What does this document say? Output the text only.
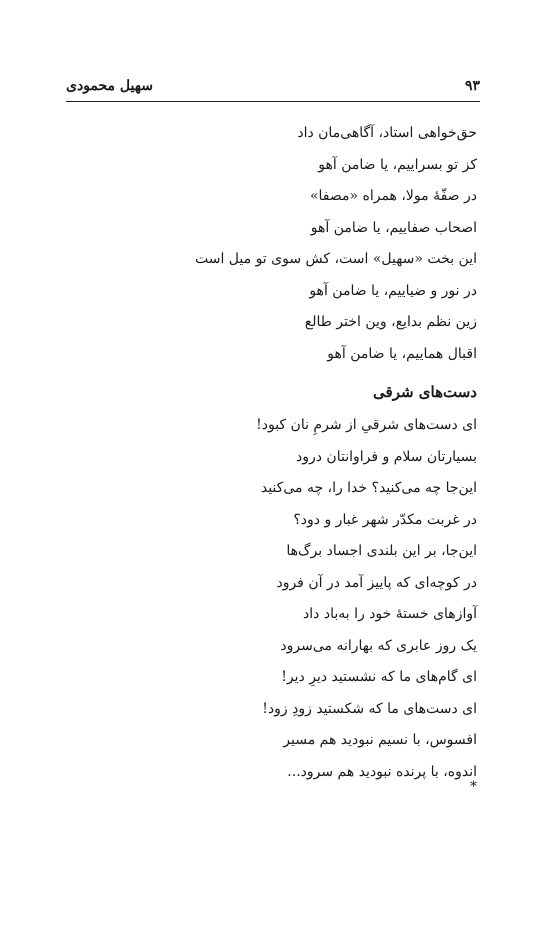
۹۳
سهیل محمودی
حق‌خواهی استاد، آگاهی‌مان داد
کز تو بسراییم، یا ضامن آهو
در صفّهٔ مولا، همراه «مصفا»
اصحاب صفاییم، یا ضامن آهو
این بخت «سهیل» است، کش سوی تو میل است
در نور و ضیاییم، یا ضامن آهو
زین نظم بدایع، وین اختر طالع
اقبال هماییم، یا ضامن آهو
دست‌های شرقی
ای دست‌های شرقیِ از شرمِ نان کبود!
بسیارتان سلام و فراوانتان درود
این‌جا چه می‌کنید؟ خدا را، چه می‌کنید
در غربت مکدّر شهر غبار و دود؟
این‌جا، بر این بلندی اجساد برگ‌ها
در کوچه‌ای که پاییز آمد در آن فرود
آوازهای خستهٔ خود را به‌باد داد
یک روز عابری که بهارانه می‌سرود
ای گام‌های ما که نشستید دیرِ دیر!
ای دست‌های ما که شکستید زودِ زود!
افسوس، با نسیم نبودید هم مسیر
اندوه، با پرنده نبودید هم سرود...
*
